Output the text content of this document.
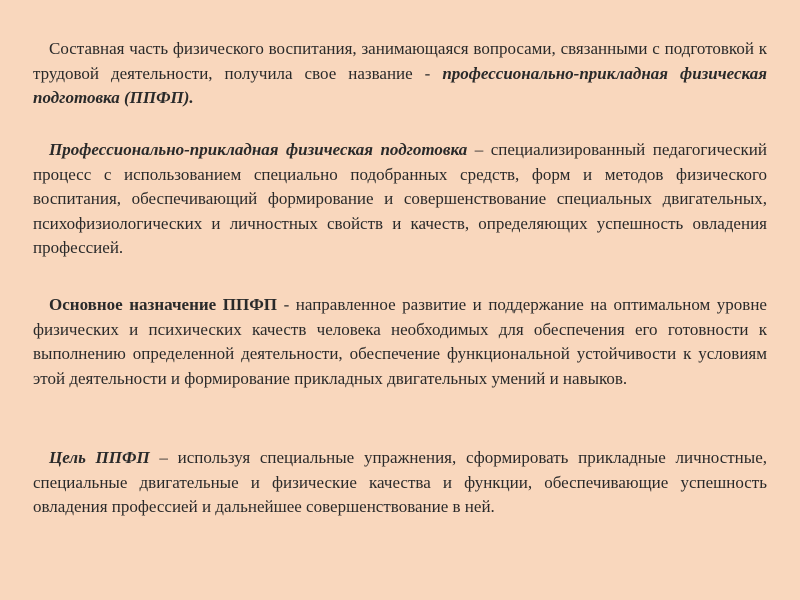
Составная часть физического воспитания, занимающаяся вопросами, связанными с подготовкой к трудовой деятельности, получила свое название - профессионально-прикладная физическая подготовка (ППФП).

Профессионально-прикладная физическая подготовка – специализированный педагогический процесс с использованием специально подобранных средств, форм и методов физического воспитания, обеспечивающий формирование и совершенствование специальных двигательных, психофизиологических и личностных свойств и качеств, определяющих успешность овладения профессией.

Основное назначение ППФП - направленное развитие и поддержание на оптимальном уровне физических и психических качеств человека необходимых для обеспечения его готовности к выполнению определенной деятельности, обеспечение функциональной устойчивости к условиям этой деятельности и формирование прикладных двигательных умений и навыков.

Цель ППФП – используя специальные упражнения, сформировать прикладные личностные, специальные двигательные и физические качества и функции, обеспечивающие успешность овладения профессией и дальнейшее совершенствование в ней.
